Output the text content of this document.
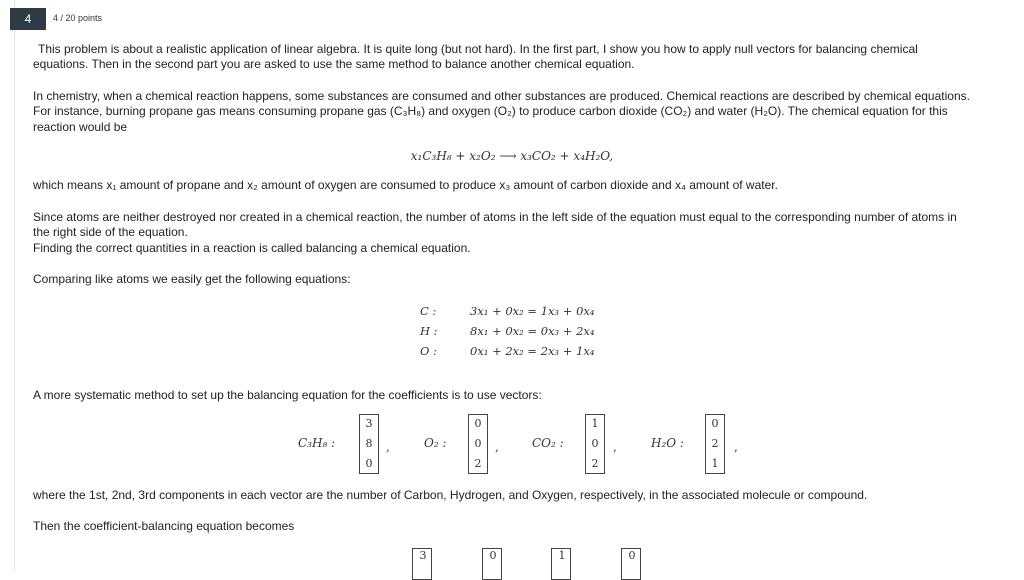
4	4 / 20 points
This problem is about a realistic application of linear algebra. It is quite long (but not hard). In the first part, I show you how to apply null vectors for balancing chemical
equations. Then in the second part you are asked to use the same method to balance another chemical equation.
In chemistry, when a chemical reaction happens, some substances are consumed and other substances are produced. Chemical reactions are described by chemical equations.
For instance, burning propane gas means consuming propane gas (C₃H₈) and oxygen (O₂) to produce carbon dioxide (CO₂) and water (H₂O). The chemical equation for this
reaction would be
x₁C₃H₈ + x₂O₂ ⟶ x₃CO₂ + x₄H₂O,
which means x₁ amount of propane and x₂ amount of oxygen are consumed to produce x₃ amount of carbon dioxide and x₄ amount of water.
Since atoms are neither destroyed nor created in a chemical reaction, the number of atoms in the left side of the equation must equal to the corresponding number of atoms in
the right side of the equation.
Finding the correct quantities in a reaction is called balancing a chemical equation.
Comparing like atoms we easily get the following equations:
C :	3x₁ + 0x₂ = 1x₃ + 0x₄
H :	8x₁ + 0x₂ = 0x₃ + 2x₄
O :	0x₁ + 2x₂ = 2x₃ + 1x₄
A more systematic method to set up the balancing equation for the coefficients is to use vectors:
C₃H₈ :
3
8
0
,	O₂ :
0
0
2
,	CO₂ :
1
0
2
,	H₂O :
0
2
1
,
where the 1st, 2nd, 3rd components in each vector are the number of Carbon, Hydrogen, and Oxygen, respectively, in the associated molecule or compound.
Then the coefficient-balancing equation becomes
3	0	1	0
